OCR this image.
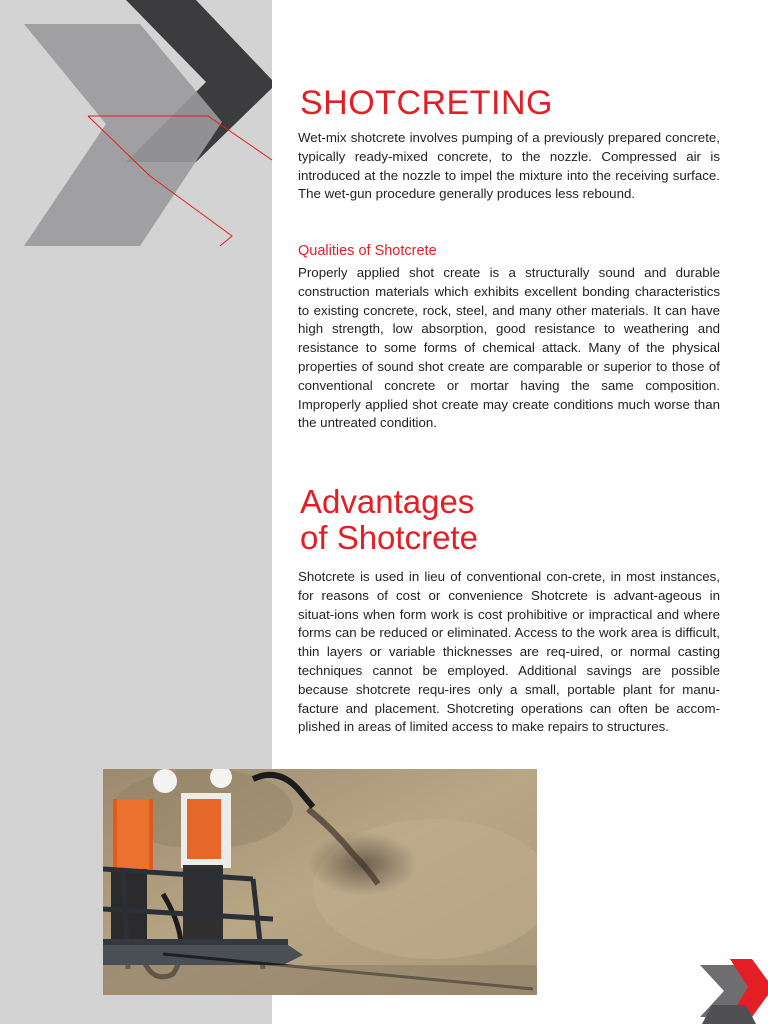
SHOTCRETING

Wet-mix shotcrete involves pumping of a previously prepared concrete, typically ready-mixed concrete, to the nozzle. Compressed air is introduced at the nozzle to impel the mixture into the receiving surface. The wet-gun procedure generally produces less rebound.

Qualities of Shotcrete

Properly applied shot create is a structurally sound and durable construction materials which exhibits excellent bonding characteristics to existing concrete, rock, steel, and many other materials. It can have high strength, low absorption, good resistance to weathering and resistance to some forms of chemical attack. Many of the physical properties of sound shot create are comparable or superior to those of conventional concrete or mortar having the same composition. Improperly applied shot create may create conditions much worse than the untreated condition.

Advantages
of Shotcrete

Shotcrete is used in lieu of conventional con-crete, in most instances, for reasons of cost or convenience Shotcrete is advant-ageous in situat-ions when form work is cost prohibitive or impractical and where forms can be reduced or eliminated. Access to the work area is difficult, thin layers or variable thicknesses are req-uired, or normal casting techniques cannot be employed. Additional savings are possible because shotcrete requ-ires only a small, portable plant for manu-facture and placement. Shotcreting operations can often be accom-plished in areas of limited access to make repairs to structures.
